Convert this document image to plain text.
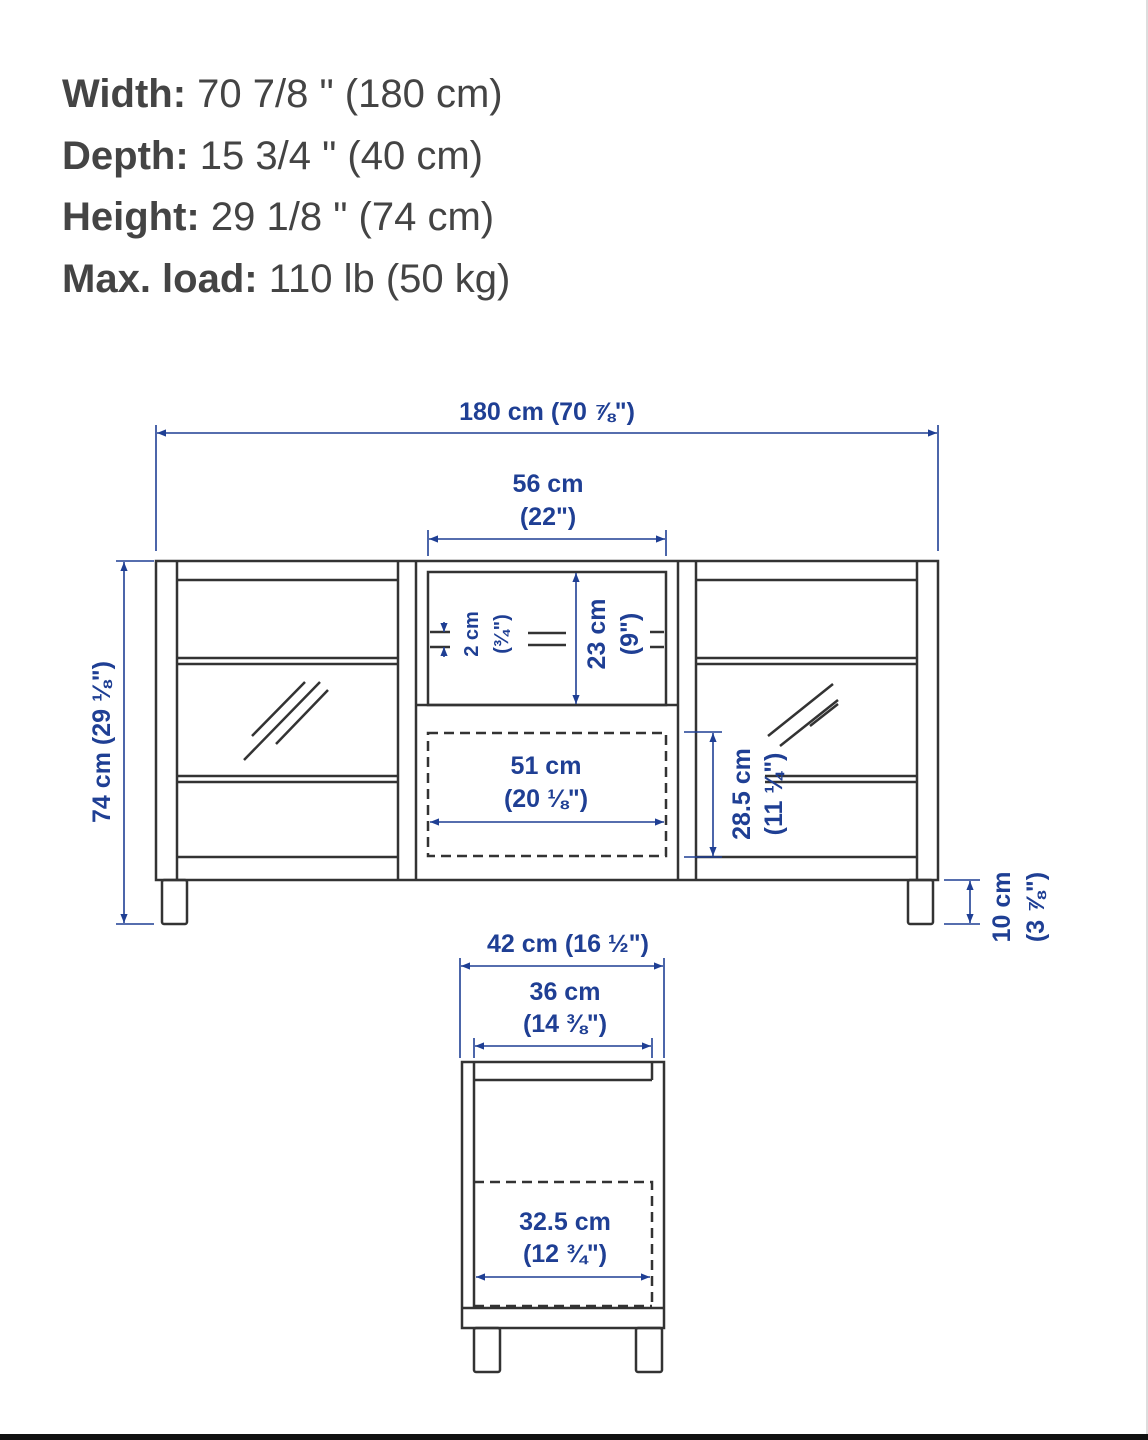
Width: 70 7/8 " (180 cm)
Depth: 15 3/4 " (40 cm)
Height: 29 1/8 " (74 cm)
Max. load: 110 lb (50 kg)
180 cm (70 ⅞")
56 cm
(22")
74 cm (29 ⅛")
2 cm (¾")	23 cm (9")
51 cm
(20 ⅛")	28.5 cm (11 ¼")
10 cm (3 ⅞")
42 cm (16 ½")
36 cm
(14 ⅜")
32.5 cm
(12 ¾")
